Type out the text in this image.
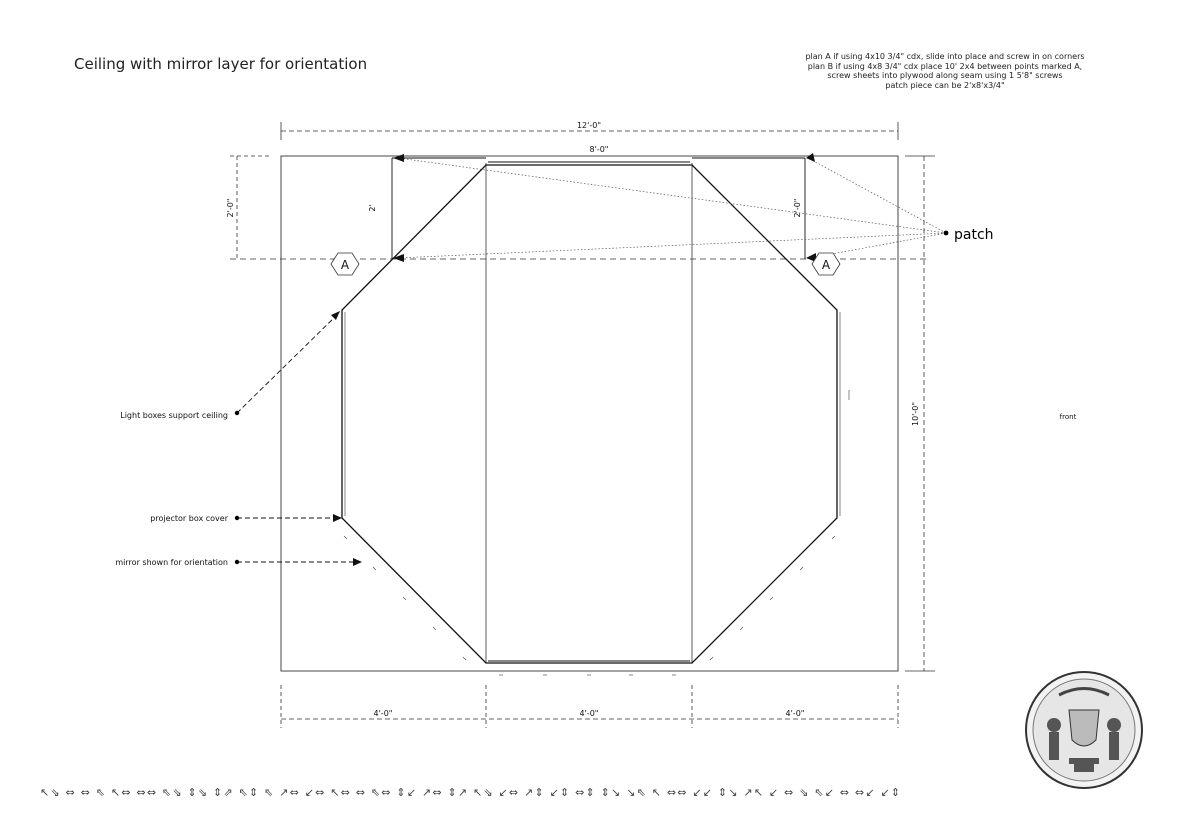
Ceiling with mirror layer for orientation	plan A if using 4x10 3/4" cdx, slide into place and screw in on corners
plan B if using 4x8 3/4" cdx place 10' 2x4 between points marked A,
screw sheets into plywood along seam using 1 5'8" screws
patch piece can be 2'x8'x3/4"
patch
A	A
12'-0"
8'-0"
2'-0"	2'	2'-0"
10'-0"	front
4'-0"	4'-0"	4'-0"
Light boxes support ceiling
projector box cover
mirror shown for orientation
↖⇘ ⇔ ⇔ ⇖ ↖⇔ ⇔⇔ ⇖⇘ ⇕⇘ ⇕⇗ ⇖⇕ ⇖ ↗⇔ ↙⇔ ↖⇔ ⇔ ⇖⇔ ⇕↙ ↗⇔ ⇕↗ ↖⇘ ↙⇔ ↗⇕ ↙⇕ ⇔⇕ ⇕↘ ↘⇖ ↖ ⇔⇔ ↙↙ ⇕↘ ↗↖ ↙ ⇔ ⇘ ⇖↙ ⇔ ⇔↙ ↙⇕
